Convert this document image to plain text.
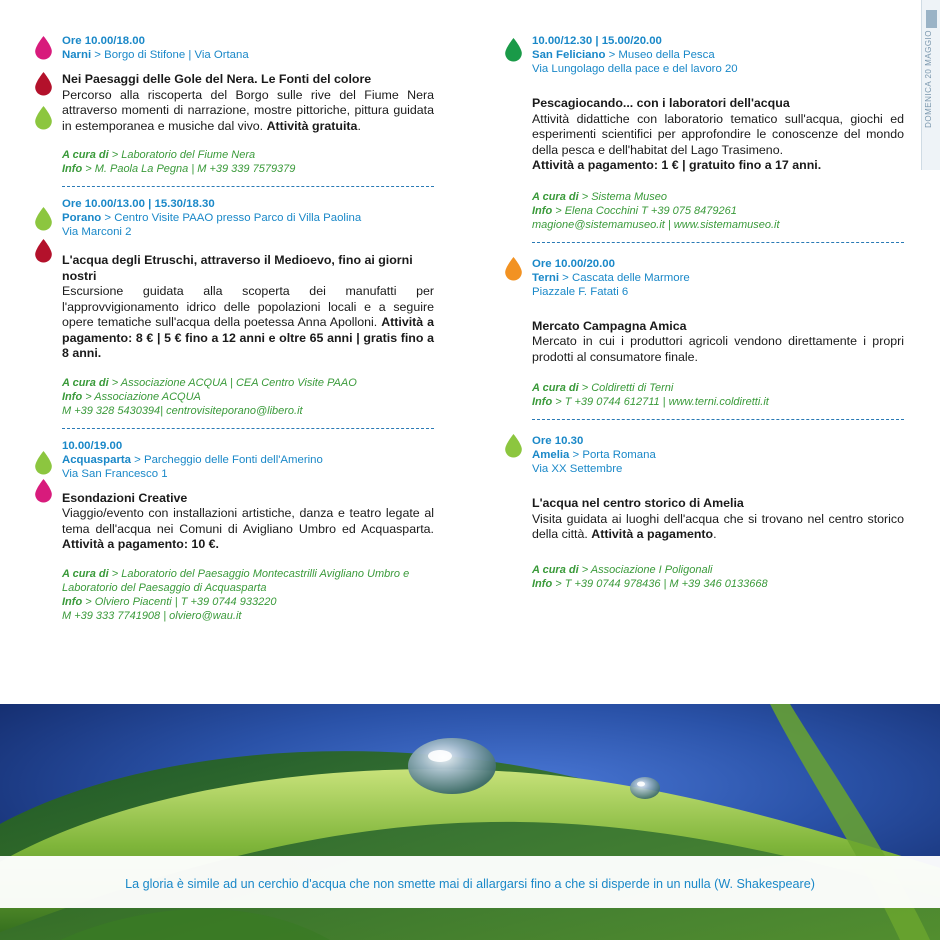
Ore 10.00/18.00
Narni > Borgo di Stifone | Via Ortana
Nei Paesaggi delle Gole del Nera. Le Fonti del colore
Percorso alla riscoperta del Borgo sulle rive del Fiume Nera attraverso momenti di narrazione, mostre pittoriche, pittura guidata in estemporanea e musiche dal vivo. Attività gratuita.
A cura di > Laboratorio del Fiume Nera
Info > M. Paola La Pegna | M +39 339 7579379
Ore 10.00/13.00 | 15.30/18.30
Porano > Centro Visite PAAO presso Parco di Villa Paolina
Via Marconi 2
L'acqua degli Etruschi, attraverso il Medioevo, fino ai giorni nostri
Escursione guidata alla scoperta dei manufatti per l'approvvigionamento idrico delle popolazioni locali e a seguire opere tematiche sull'acqua della poetessa Anna Apolloni. Attività a pagamento: 8 € | 5 € fino a 12 anni e oltre 65 anni | gratis fino a 8 anni.
A cura di > Associazione ACQUA | CEA Centro Visite PAAO
Info > Associazione ACQUA
M +39 328 5430394| centrovisiteporano@libero.it
10.00/19.00
Acquasparta > Parcheggio delle Fonti dell'Amerino
Via San Francesco 1
Esondazioni Creative
Viaggio/evento con installazioni artistiche, danza e teatro legate al tema dell'acqua nei Comuni di Avigliano Umbro ed Acquasparta. Attività a pagamento: 10 €.
A cura di > Laboratorio del Paesaggio Montecastrilli Avigliano Umbro e Laboratorio del Paesaggio di Acquasparta
Info > Olviero Piacenti | T +39 0744 933220
M +39 333 7741908 | olviero@wau.it
10.00/12.30 | 15.00/20.00
San Feliciano > Museo della Pesca
Via Lungolago della pace e del lavoro 20
Pescagiocando... con i laboratori dell'acqua
Attività didattiche con laboratorio tematico sull'acqua, giochi ed esperimenti scientifici per approfondire le conoscenze del mondo della pesca e dell'habitat del Lago Trasimeno.
Attività a pagamento: 1 € | gratuito fino a 17 anni.
A cura di > Sistema Museo
Info > Elena Cocchini T +39 075 8479261
magione@sistemamuseo.it | www.sistemamuseo.it
Ore 10.00/20.00
Terni > Cascata delle Marmore
Piazzale F. Fatati 6
Mercato Campagna Amica
Mercato in cui i produttori agricoli vendono direttamente i propri prodotti al consumatore finale.
A cura di > Coldiretti di Terni
Info > T +39 0744 612711 | www.terni.coldiretti.it
Ore 10.30
Amelia > Porta Romana
Via XX Settembre
L'acqua nel centro storico di Amelia
Visita guidata ai luoghi dell'acqua che si trovano nel centro storico della città. Attività a pagamento.
A cura di > Associazione I Poligonali
Info > T +39 0744 978436 | M +39 346 0133668
DOMENICA 20 MAGGIO
La gloria è simile ad un cerchio d'acqua che non smette mai di allargarsi fino a che si disperde in un nulla (W. Shakespeare)
